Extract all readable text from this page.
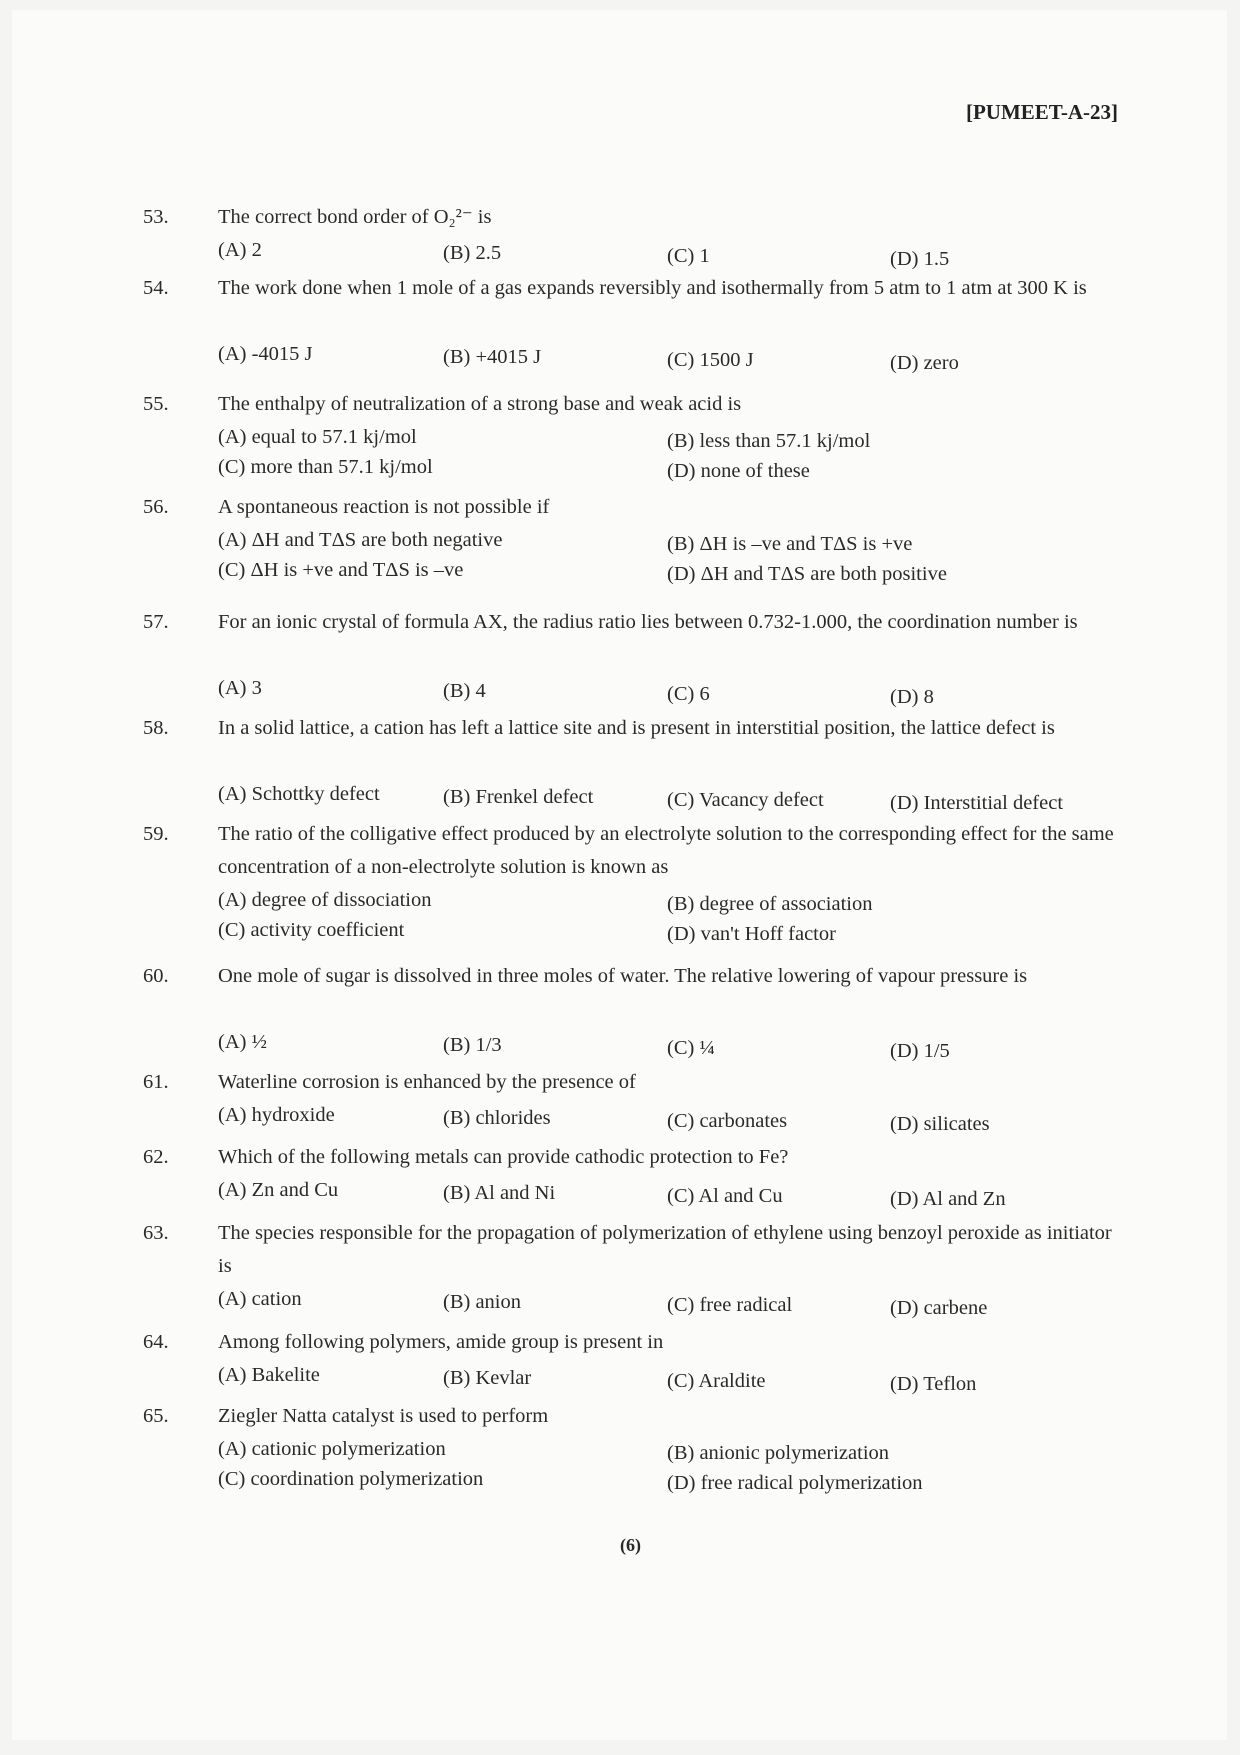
[PUMEET-A-23]
53. The correct bond order of O₂²⁻ is
(A) 2	(B) 2.5	(C) 1	(D) 1.5
54. The work done when 1 mole of a gas expands reversibly and isothermally from 5 atm to 1 atm at 300 K is
(A) -4015 J	(B) +4015 J	(C) 1500 J	(D) zero
55. The enthalpy of neutralization of a strong base and weak acid is
(A) equal to 57.1 kj/mol	(B) less than 57.1 kj/mol
(C) more than 57.1 kj/mol	(D) none of these
56. A spontaneous reaction is not possible if
(A) ΔH and TΔS are both negative	(B) ΔH is –ve and TΔS is +ve
(C) ΔH is +ve and TΔS is –ve	(D) ΔH and TΔS are both positive
57. For an ionic crystal of formula AX, the radius ratio lies between 0.732-1.000, the coordination number is
(A) 3	(B) 4	(C) 6	(D) 8
58. In a solid lattice, a cation has left a lattice site and is present in interstitial position, the lattice defect is
(A) Schottky defect	(B) Frenkel defect	(C) Vacancy defect	(D) Interstitial defect
59. The ratio of the colligative effect produced by an electrolyte solution to the corresponding effect for the same concentration of a non-electrolyte solution is known as
(A) degree of dissociation	(B) degree of association
(C) activity coefficient	(D) van't Hoff factor
60. One mole of sugar is dissolved in three moles of water. The relative lowering of vapour pressure is
(A) ½	(B) 1/3	(C) ¼	(D) 1/5
61. Waterline corrosion is enhanced by the presence of
(A) hydroxide	(B) chlorides	(C) carbonates	(D) silicates
62. Which of the following metals can provide cathodic protection to Fe?
(A) Zn and Cu	(B) Al and Ni	(C) Al and Cu	(D) Al and Zn
63. The species responsible for the propagation of polymerization of ethylene using benzoyl peroxide as initiator is
(A) cation	(B) anion	(C) free radical	(D) carbene
64. Among following polymers, amide group is present in
(A) Bakelite	(B) Kevlar	(C) Araldite	(D) Teflon
65. Ziegler Natta catalyst is used to perform
(A) cationic polymerization	(B) anionic polymerization
(C) coordination polymerization	(D) free radical polymerization
(6)
